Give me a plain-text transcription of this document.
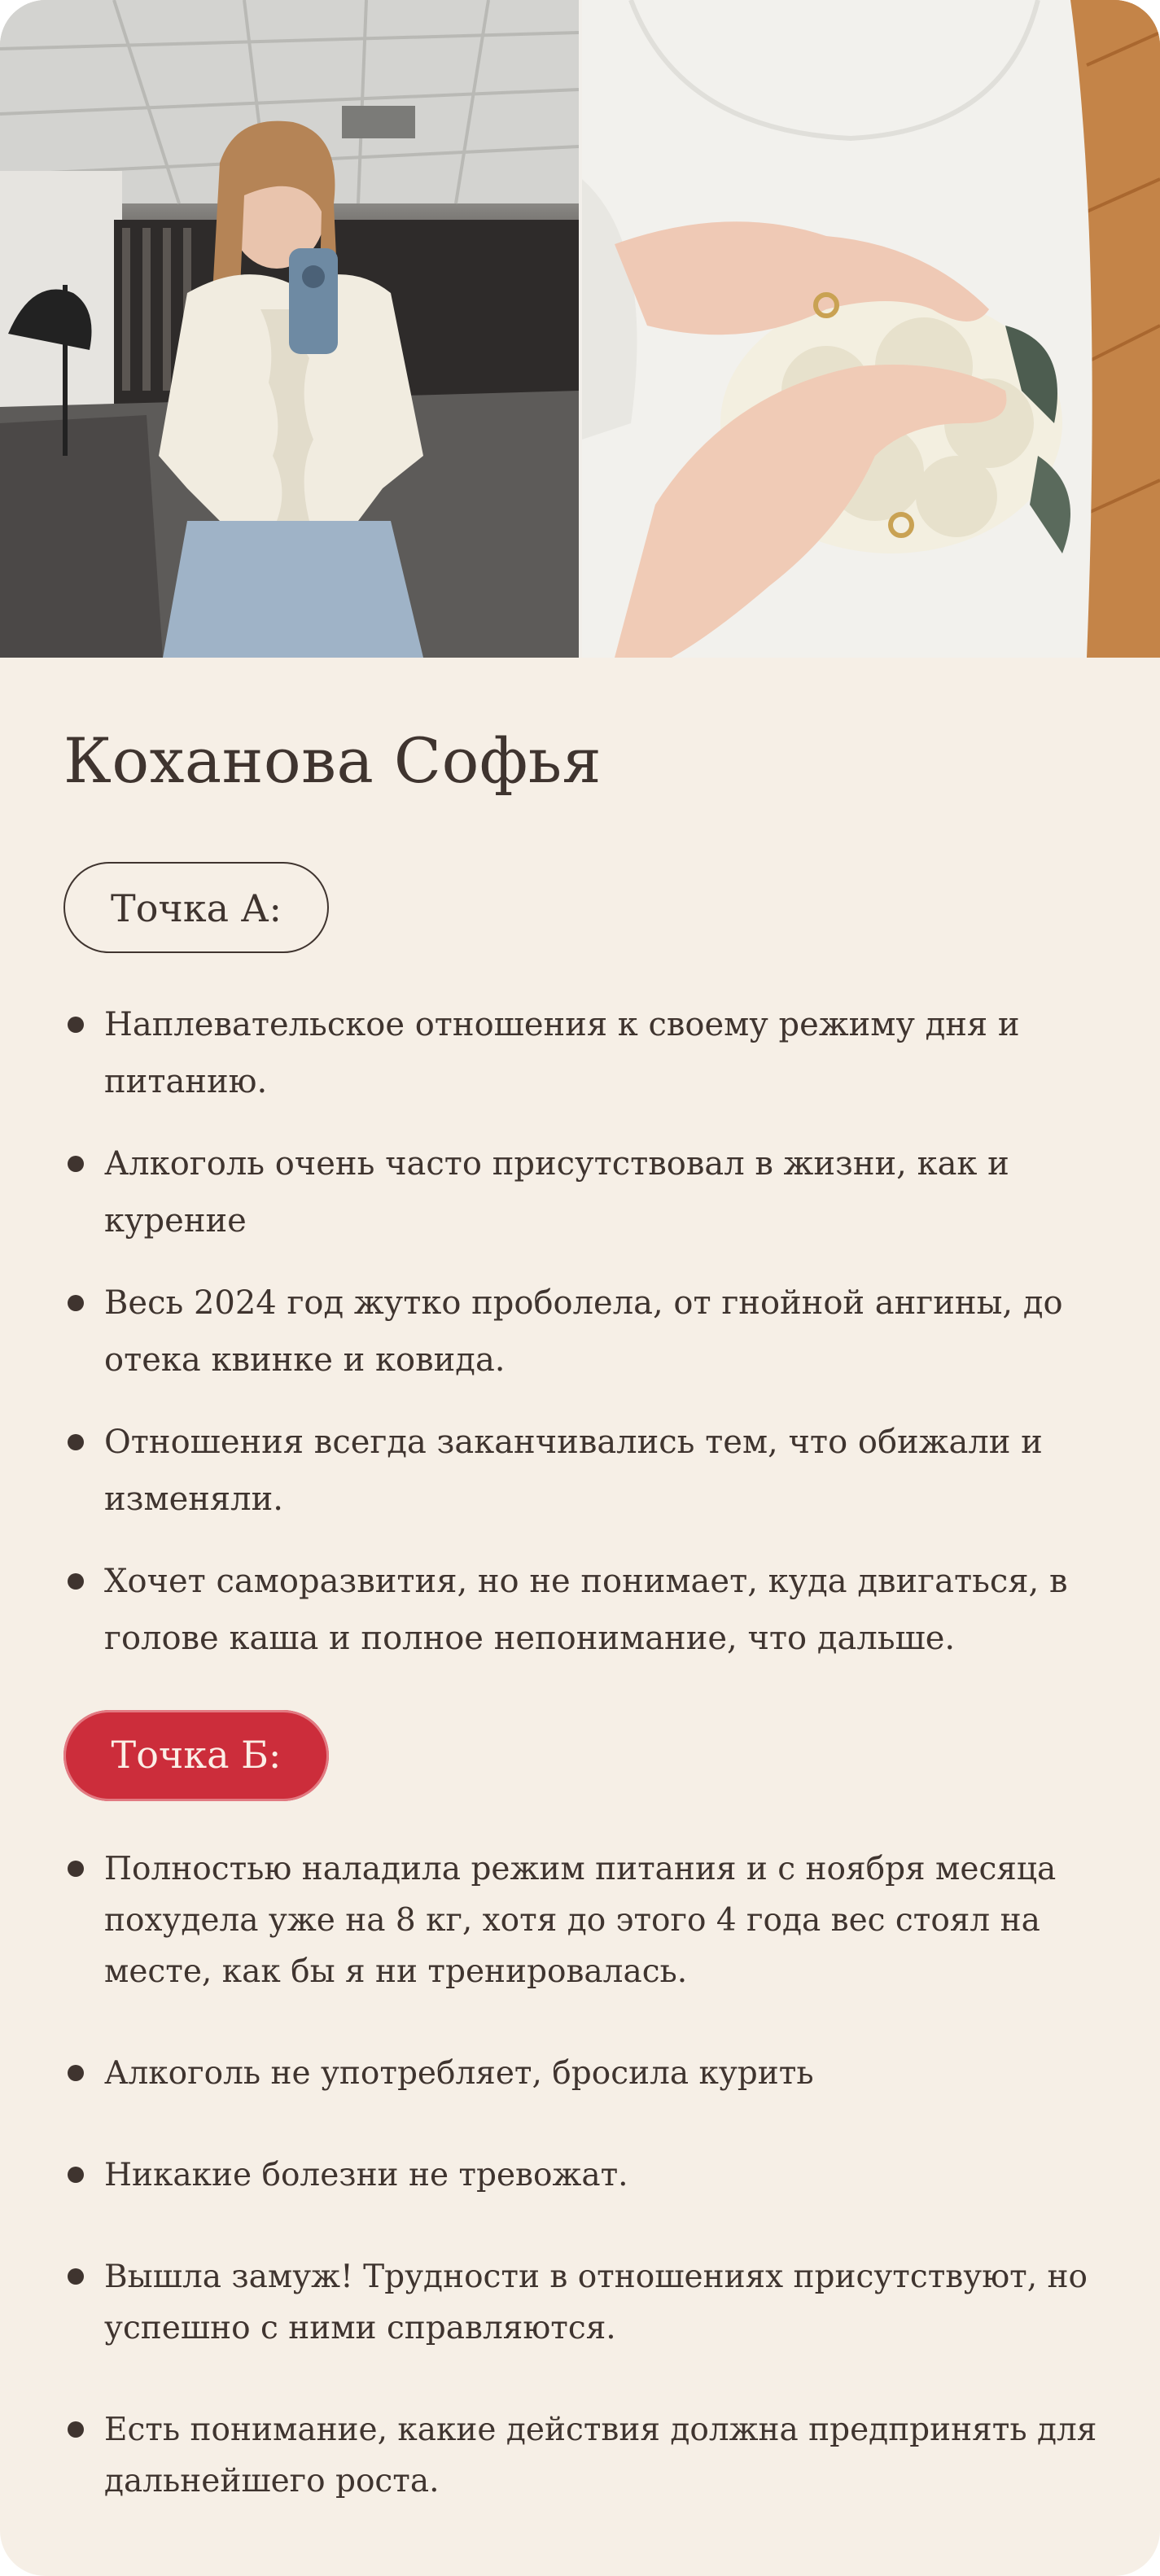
Коханова Софья
Точка А:
Наплевательское отношения к своему режиму дня и питанию.
Алкоголь очень часто присутствовал в жизни, как и курение
Весь 2024 год жутко проболела, от гнойной ангины, до отека квинке и ковида.
Отношения всегда заканчивались тем, что обижали и изменяли.
Хочет саморазвития, но не понимает, куда двигаться, в голове каша и полное непонимание, что дальше.
Точка Б:
Полностью наладила режим питания и с ноября месяца похудела уже на 8 кг, хотя до этого 4 года вес стоял на месте, как бы я ни тренировалась.
Алкоголь не употребляет, бросила курить
Никакие болезни не тревожат.
Вышла замуж! Трудности в отношениях присутствуют, но успешно с ними справляются.
Есть понимание, какие действия должна предпринять для дальнейшего роста.
